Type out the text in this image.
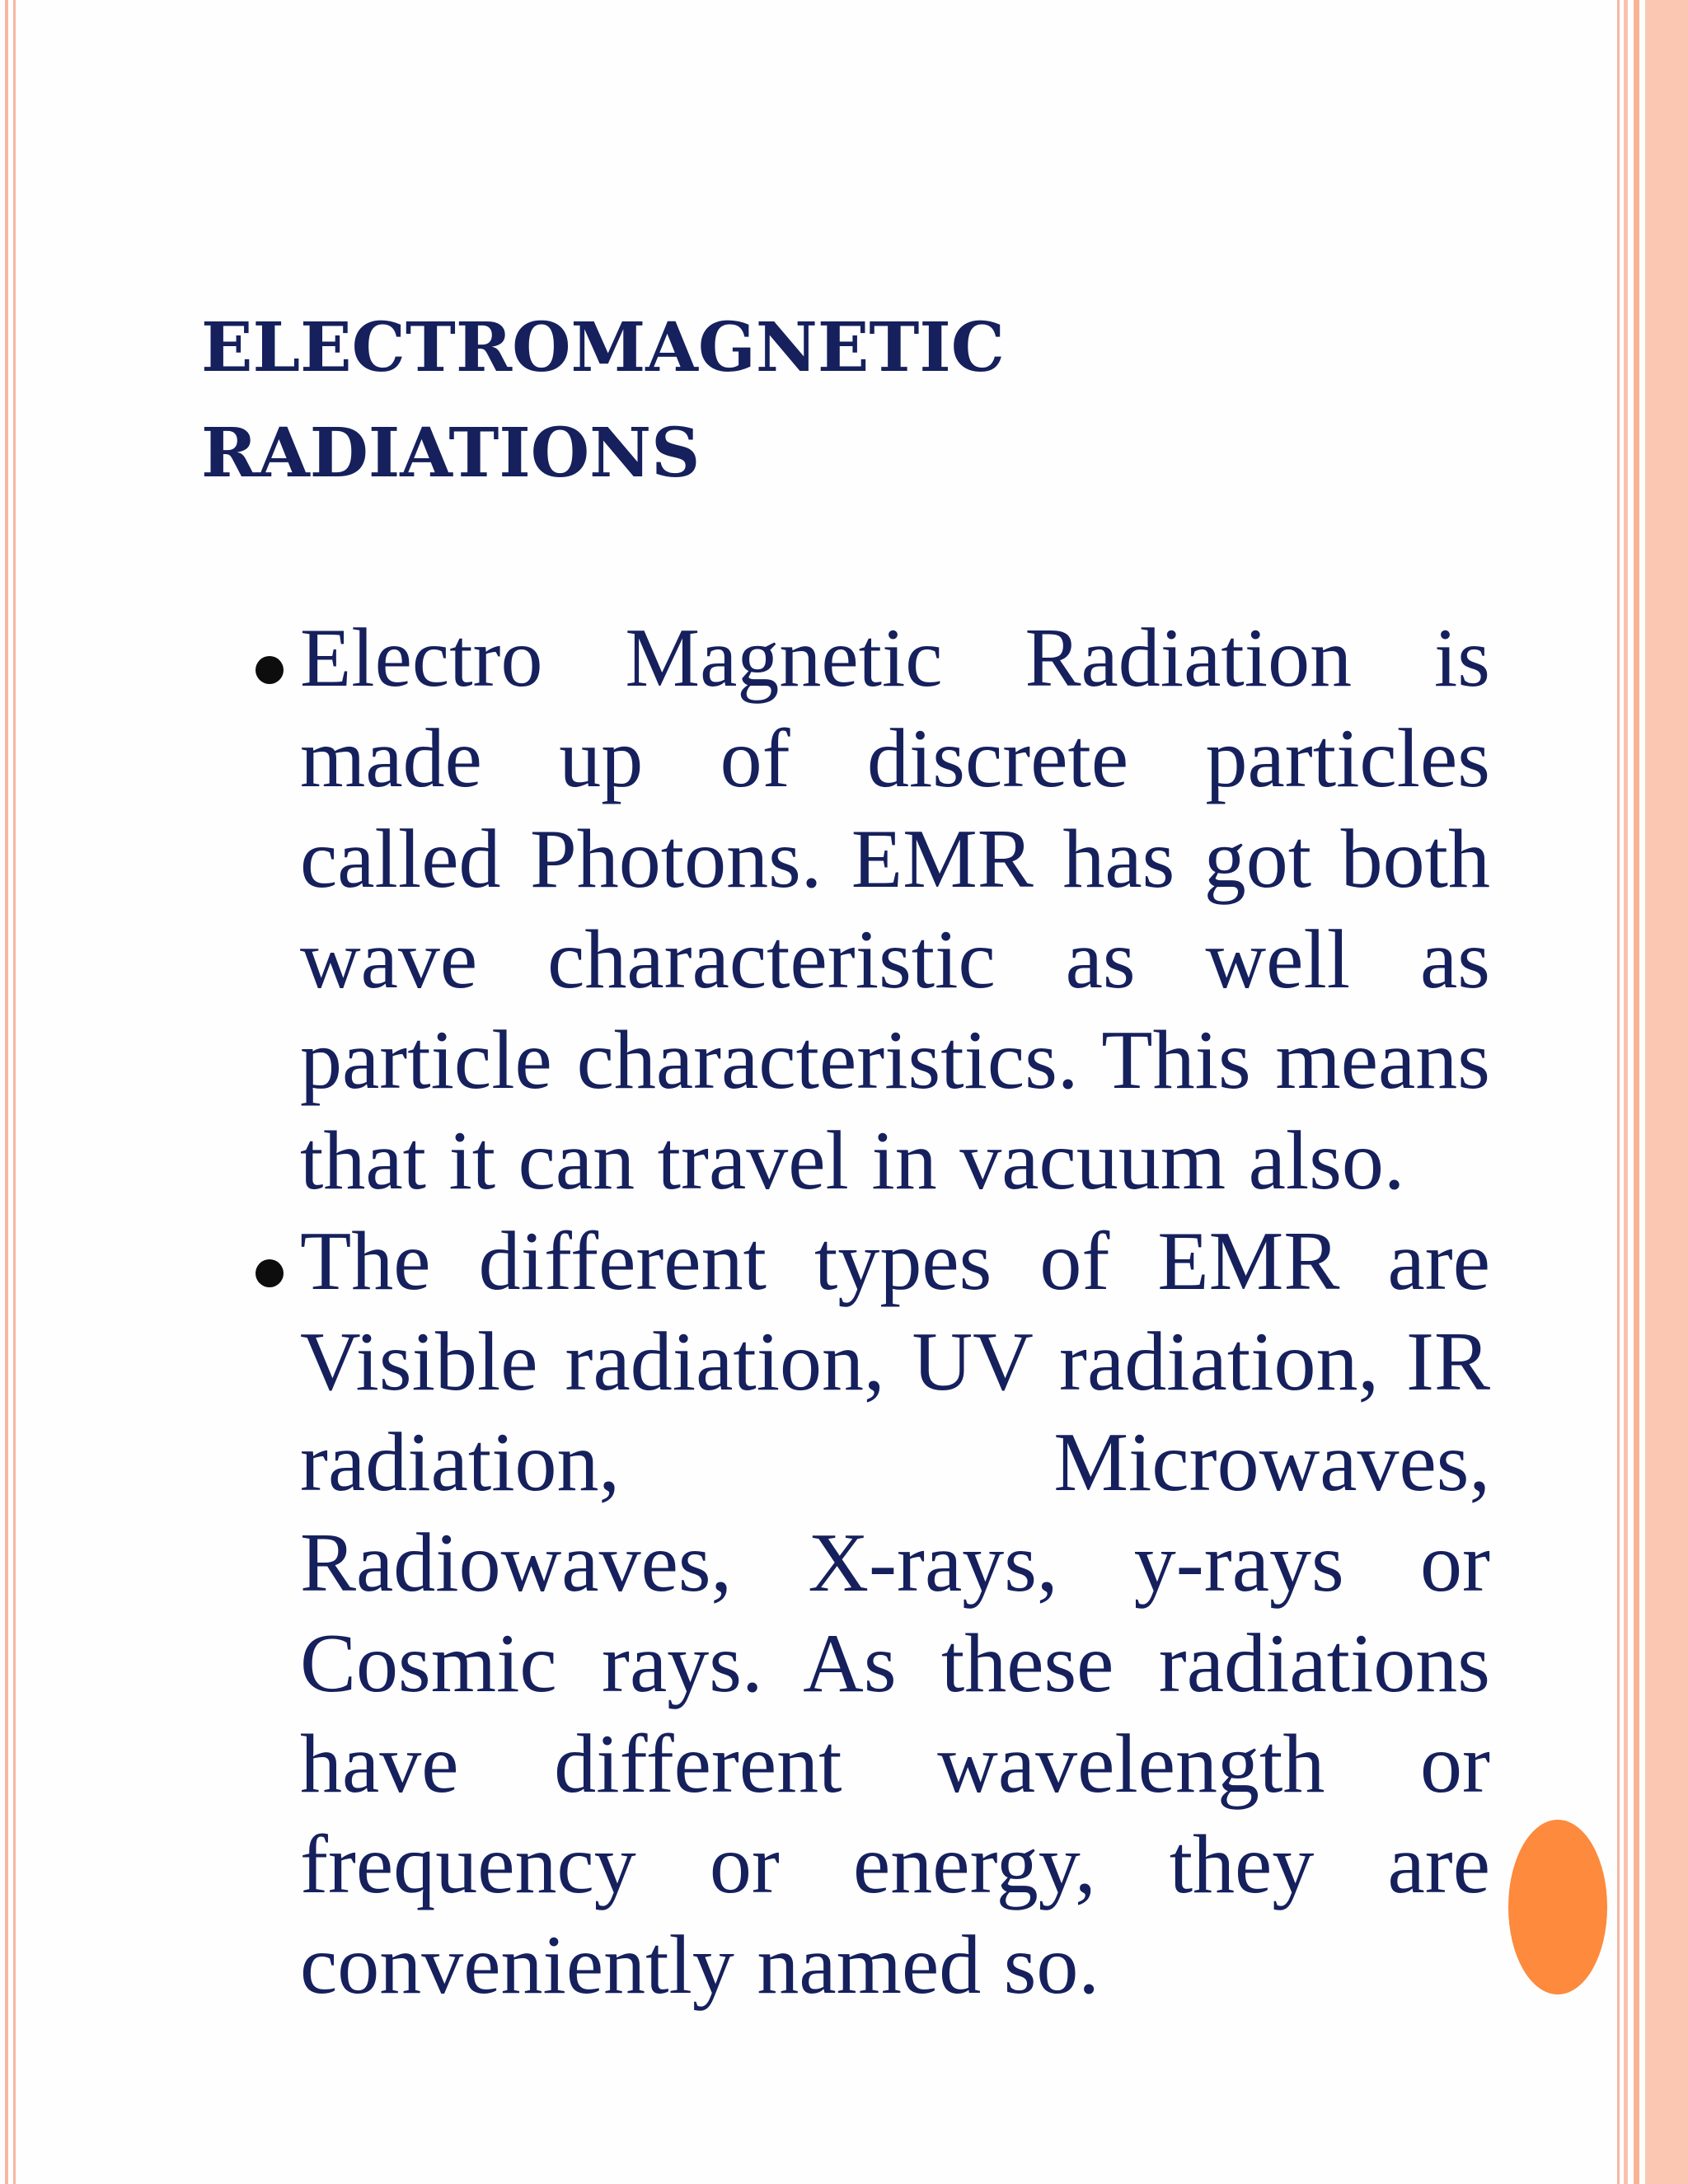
ELECTROMAGNETIC
RADIATIONS
Electro Magnetic Radiation is made up of discrete particles called Photons. EMR has got both wave characteristic as well as particle characteristics. This means that it can travel in vacuum also.
The different types of EMR are Visible radiation, UV radiation, IR radiation, Microwaves, Radiowaves, X-rays, y-rays or Cosmic rays. As these radiations have different wavelength or frequency or energy, they are conveniently named so.
